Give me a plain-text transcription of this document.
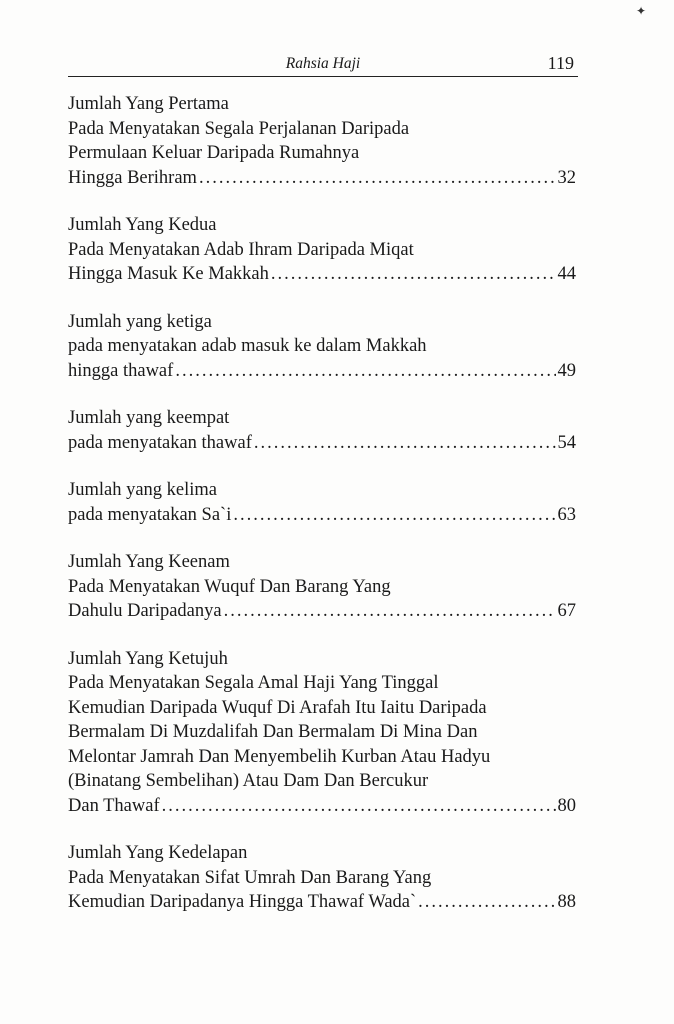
✦
Rahsia Haji	119
Jumlah Yang Pertama
Pada Menyatakan Segala Perjalanan Daripada
Permulaan Keluar Daripada Rumahnya
Hingga Berihram .....	32
Jumlah Yang Kedua
Pada Menyatakan Adab Ihram Daripada Miqat
Hingga Masuk Ke Makkah .....	44
Jumlah yang ketiga
pada menyatakan adab masuk ke dalam Makkah
hingga thawaf .....	49
Jumlah yang keempat
pada menyatakan thawaf .....	54
Jumlah yang kelima
pada menyatakan Sa`i .....	63
Jumlah Yang Keenam
Pada Menyatakan Wuquf Dan Barang Yang
Dahulu Daripadanya .....	67
Jumlah Yang Ketujuh
Pada Menyatakan Segala Amal Haji Yang Tinggal
Kemudian Daripada Wuquf Di Arafah Itu Iaitu Daripada
Bermalam Di Muzdalifah Dan Bermalam Di Mina Dan
Melontar Jamrah Dan Menyembelih Kurban Atau Hadyu
(Binatang Sembelihan) Atau Dam Dan Bercukur
Dan Thawaf .....	80
Jumlah Yang Kedelapan
Pada Menyatakan Sifat Umrah Dan Barang Yang
Kemudian Daripadanya Hingga Thawaf Wada` .....	88
